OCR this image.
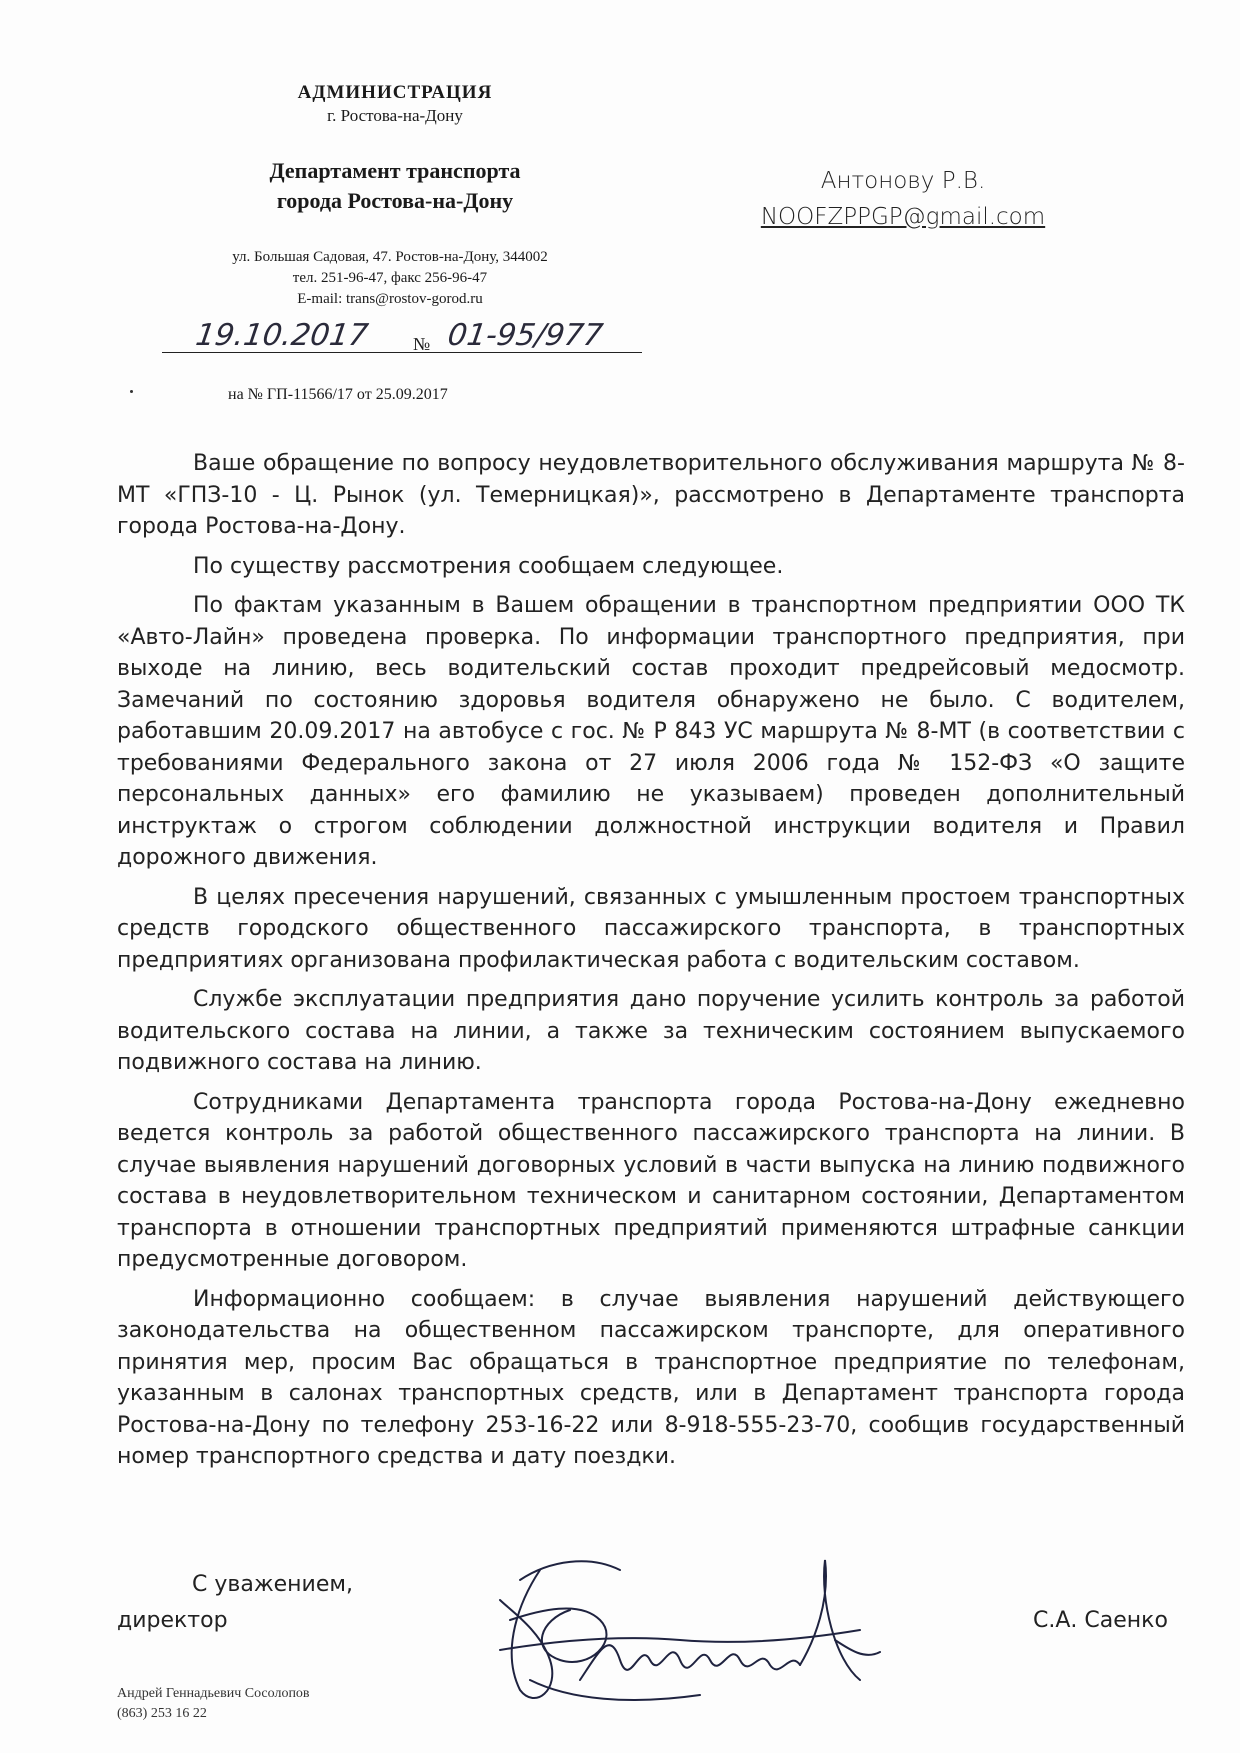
АДМИНИСТРАЦИЯ
г. Ростова-на-Дону
Департамент транспорта
города Ростова-на-Дону
ул. Большая Садовая, 47. Ростов-на-Дону, 344002
тел. 251-96-47, факс 256-96-47
E-mail: trans@rostov-gorod.ru
19.10.2017 № 01-95/977
на № ГП-11566/17 от 25.09.2017
Антонову Р.В.
NOOFZPPGP@gmail.com

Ваше обращение по вопросу неудовлетворительного обслуживания маршрута № 8-МТ «ГПЗ-10 - Ц. Рынок (ул. Темерницкая)», рассмотрено в Департаменте транспорта города Ростова-на-Дону.

По существу рассмотрения сообщаем следующее.

По фактам указанным в Вашем обращении в транспортном предприятии ООО ТК «Авто-Лайн» проведена проверка. По информации транспортного предприятия, при выходе на линию, весь водительский состав проходит предрейсовый медосмотр. Замечаний по состоянию здоровья водителя обнаружено не было. С водителем, работавшим 20.09.2017 на автобусе с гос. № Р 843 УС маршрута № 8-МТ (в соответствии с требованиями Федерального закона от 27 июля 2006 года № 152-ФЗ «О защите персональных данных» его фамилию не указываем) проведен дополнительный инструктаж о строгом соблюдении должностной инструкции водителя и Правил дорожного движения.

В целях пресечения нарушений, связанных с умышленным простоем транспортных средств городского общественного пассажирского транспорта, в транспортных предприятиях организована профилактическая работа с водительским составом.

Службе эксплуатации предприятия дано поручение усилить контроль за работой водительского состава на линии, а также за техническим состоянием выпускаемого подвижного состава на линию.

Сотрудниками Департамента транспорта города Ростова-на-Дону ежедневно ведется контроль за работой общественного пассажирского транспорта на линии. В случае выявления нарушений договорных условий в части выпуска на линию подвижного состава в неудовлетворительном техническом и санитарном состоянии, Департаментом транспорта в отношении транспортных предприятий применяются штрафные санкции предусмотренные договором.

Информационно сообщаем: в случае выявления нарушений действующего законодательства на общественном пассажирском транспорте, для оперативного принятия мер, просим Вас обращаться в транспортное предприятие по телефонам, указанным в салонах транспортных средств, или в Департамент транспорта города Ростова-на-Дону по телефону 253-16-22 или 8-918-555-23-70, сообщив государственный номер транспортного средства и дату поездки.

С уважением,
директор	С.А. Саенко
Андрей Геннадьевич Сосолопов
(863) 253 16 22
